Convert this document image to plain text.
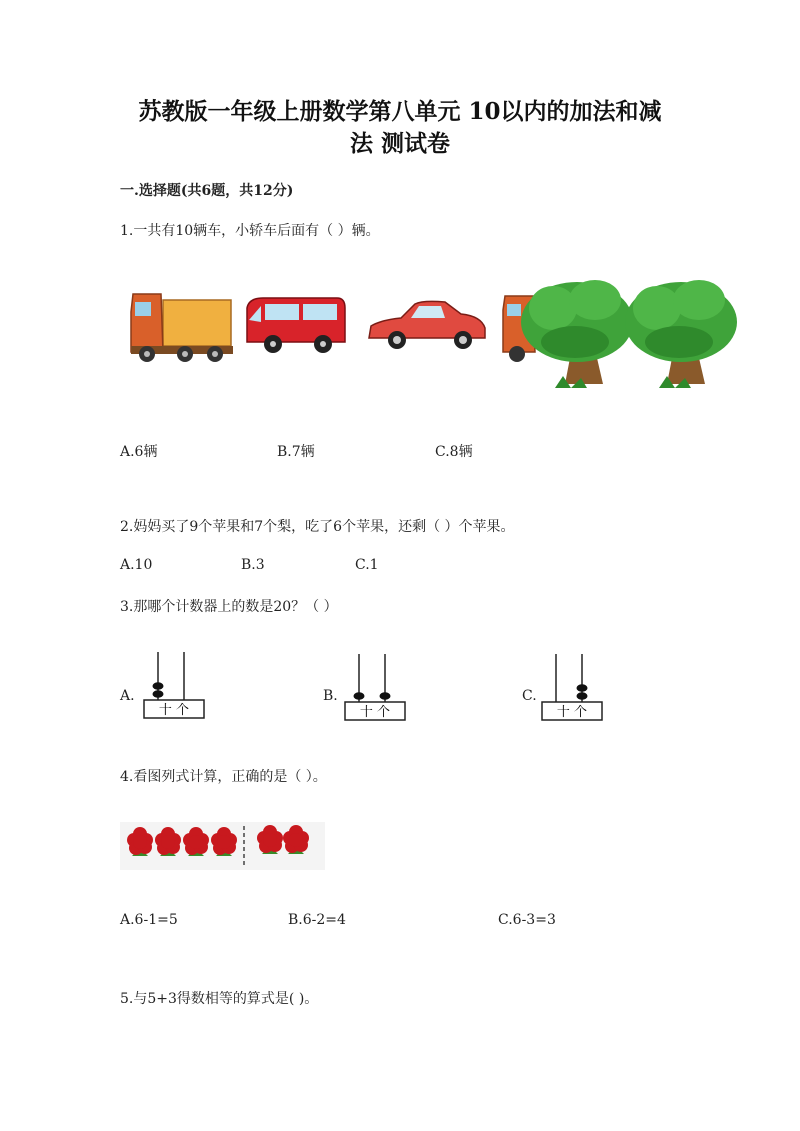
苏教版一年级上册数学第八单元 10以内的加法和减
法 测试卷
一.选择题(共6题，共12分)
1.一共有10辆车，小轿车后面有（ ）辆。
A.6辆	B.7辆	C.8辆
2.妈妈买了9个苹果和7个梨，吃了6个苹果，还剩（ ）个苹果。
A.10	B.3	C.1
3.那哪个计数器上的数是20？（ ）
A.
十 个
B.
十 个
C.
十 个
4.看图列式计算，正确的是（ ）。
A.6-1=5	B.6-2=4	C.6-3=3
5.与5+3得数相等的算式是( )。
